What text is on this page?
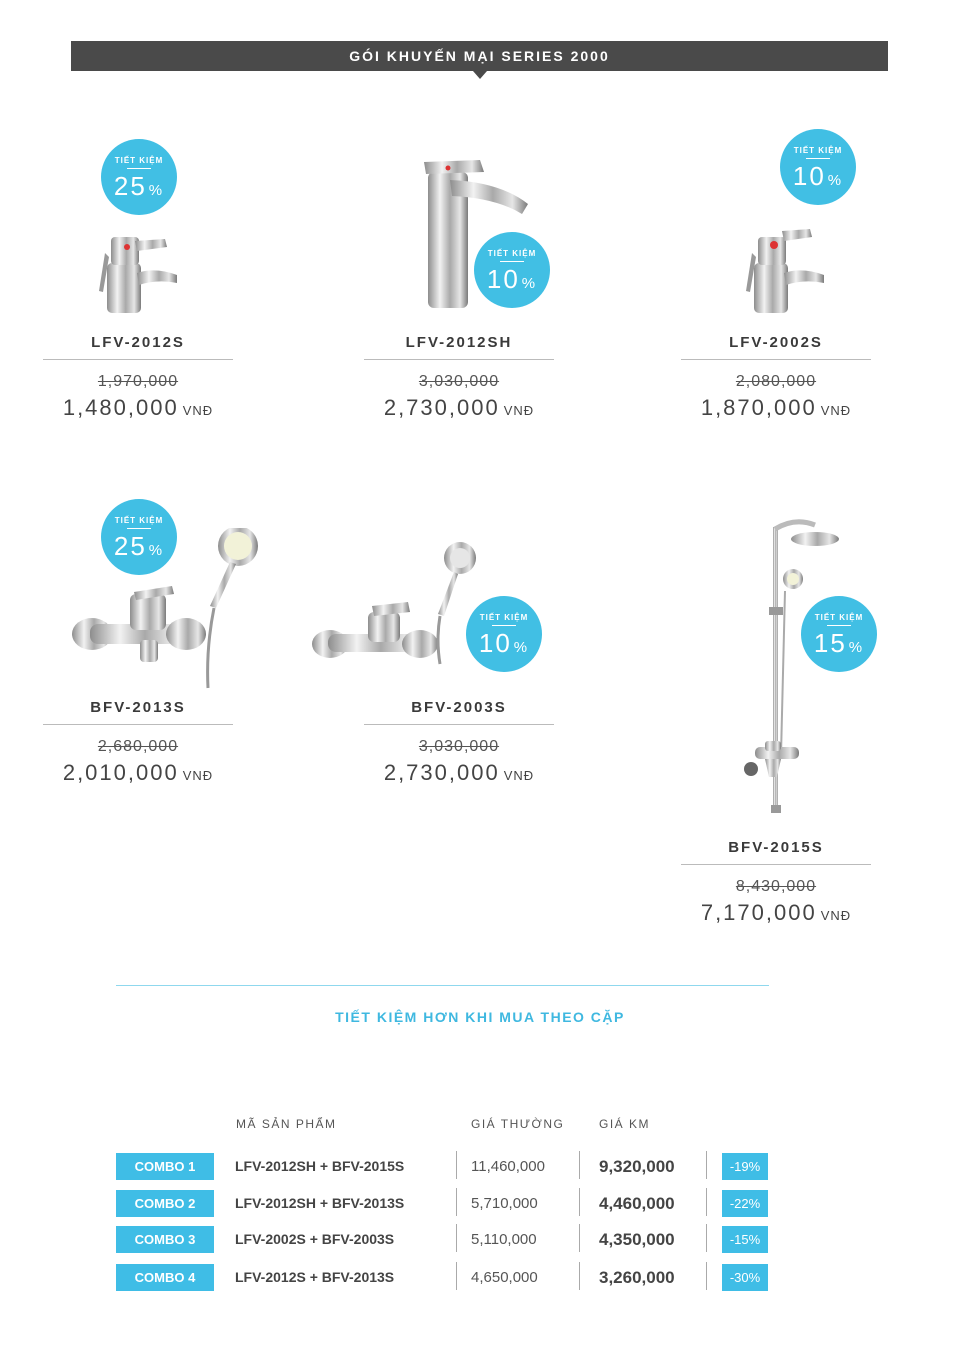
GÓI KHUYẾN MẠI SERIES 2000
TIẾT KIỆM
25 %
LFV-2012S
1,970,000
1,480,000 VNĐ
TIẾT KIỆM
10 %
LFV-2012SH
3,030,000
2,730,000 VNĐ
TIẾT KIỆM
10 %
LFV-2002S
2,080,000
1,870,000 VNĐ
TIẾT KIỆM
25 %
BFV-2013S
2,680,000
2,010,000 VNĐ
TIẾT KIỆM
10 %
BFV-2003S
3,030,000
2,730,000 VNĐ
TIẾT KIỆM
15 %
BFV-2015S
8,430,000
7,170,000 VNĐ
TIẾT KIỆM HƠN KHI MUA THEO CẶP
MÃ SẢN PHẨM	GIÁ THƯỜNG	GIÁ KM
COMBO 1	LFV-2012SH + BFV-2015S	11,460,000	9,320,000	-19%
COMBO 2	LFV-2012SH + BFV-2013S	5,710,000	4,460,000	-22%
COMBO 3	LFV-2002S + BFV-2003S	5,110,000	4,350,000	-15%
COMBO 4	LFV-2012S + BFV-2013S	4,650,000	3,260,000	-30%
